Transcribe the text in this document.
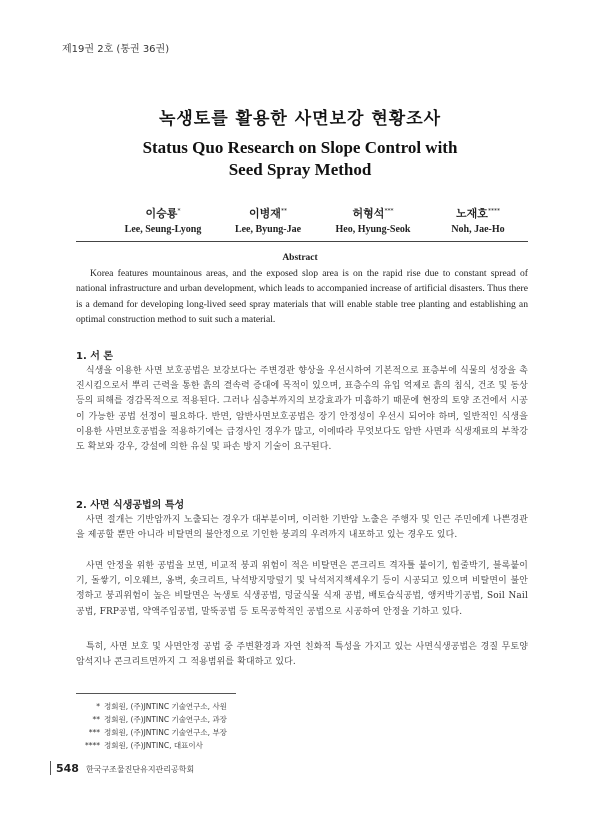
제19권 2호 (통권 36권)
녹생토를 활용한 사면보강 현황조사
Status Quo Research on Slope Control with
Seed Spray Method
이승룡*
Lee, Seung-Lyong
이병재**
Lee, Byung-Jae
허형석***
Heo, Hyung-Seok
노재호****
Noh, Jae-Ho
Abstract
Korea features mountainous areas, and the exposed slop area is on the rapid rise due to constant spread of national infrastructure and urban development, which leads to accompanied increase of artificial disasters. Thus there is a demand for developing long-lived seed spray materials that will enable stable tree planting and establishing an optimal construction method to suit such a material.
1. 서 론
식생을 이용한 사면 보호공법은 보강보다는 주변경관 향상을 우선시하여 기본적으로 표층부에 식물의 성장을 촉진시킴으로서 뿌리 근력을 통한 흙의 결속력 증대에 목적이 있으며, 표층수의 유입 억제로 흙의 침식, 건조 및 동상 등의 피해를 경감목적으로 적용된다. 그러나 심층부까지의 보강효과가 미흡하기 때문에 현장의 토양 조건에서 시공이 가능한 공법 선정이 필요하다. 반면, 암반사면보호공법은 장기 안정성이 우선시 되어야 하며, 일반적인 식생을 이용한 사면보호공법을 적용하기에는 급경사인 경우가 많고, 이에따라 무엇보다도 암반 사면과 식생재료의 부착강도 확보와 강우, 강설에 의한 유실 및 파손 방지 기술이 요구된다.
2. 사면 식생공법의 특성
사면 절개는 기반암까지 노출되는 경우가 대부분이며, 이러한 기반암 노출은 주행자 및 인근 주민에게 나쁜경관을 제공할 뿐만 아니라 비탈면의 불안정으로 기인한 붕괴의 우려까지 내포하고 있는 경우도 있다.
사면 안정을 위한 공법을 보면, 비교적 붕괴 위험이 적은 비탈면은 콘크리트 격자틀 붙이기, 힘줄박기, 블록붙이기, 돌쌓기, 이오웨브, 옹벽, 숏크리트, 낙석방지망덮기 및 낙석저지책세우기 등이 시공되고 있으며 비탈면이 불안정하고 붕괴위험이 높은 비탈면은 녹생토 식생공법, 덩굴식물 식재 공법, 배토습식공법, 앵커박기공법, Soil Nail 공법, FRP공법, 약액주입공법, 말뚝공법 등 토목공학적인 공법으로 시공하여 안정을 기하고 있다.
특히, 사면 보호 및 사면안정 공법 중 주변환경과 자연 친화적 특성을 가지고 있는 사면식생공법은 경질 무토양 암석지나 콘크리트면까지 그 적용범위를 확대하고 있다.
* 정회원, (주)JNTINC 기술연구소, 사원
** 정회원, (주)JNTINC 기술연구소, 과장
*** 정회원, (주)JNTINC 기술연구소, 부장
**** 정회원, (주)JNTINC, 대표이사
548 한국구조물진단유지관리공학회
